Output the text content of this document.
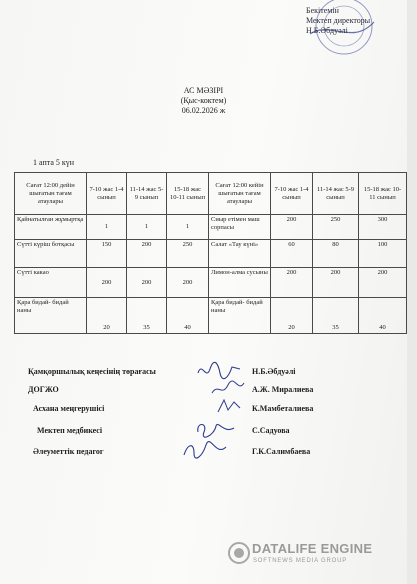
Бекітемін
Мектеп директоры
Н.Б.Әбдуәлі
АС МӘЗІРІ
(Қыс-коктем)
06.02.2026 ж
1 апта 5 күн
Сағат 12:00 дейін шығатын тағам атаулары	7-10 жас 1-4 сынып	11-14 жас 5-9 сынып	15-18 жас 10-11 сынып	Сағат 12:00 кейін шығатын тағам атаулары	7-10 жас 1-4 сынып	11-14 жас 5-9 сынып	15-18 жас 10-11 сынып
Қайнатылған жұмыртқа	1	1	1	Сиыр етімен маш сорпасы	200	250	300
Сүтті күріш ботқасы	150	200	250	Салат «Тау күні»	60	80	100
Сүтті какао	200	200	200	Лимон-алма сусыны	200	200	200
Қара бидай- бидай наны	20	35	40	Қара бидай- бидай наны	20	35	40
Қамқоршылық кеңесінің төрағасы	Н.Б.Әбдуәлі
ДОГЖО	А.Ж. Миралиева
Асхана меңгерушісі	К.Мамбеталиева
Мектеп медбикесі	С.Садуова
Әлеуметтік педагог	Г.К.Салимбаева
DATALIFE ENGINE
SOFTNEWS MEDIA GROUP
